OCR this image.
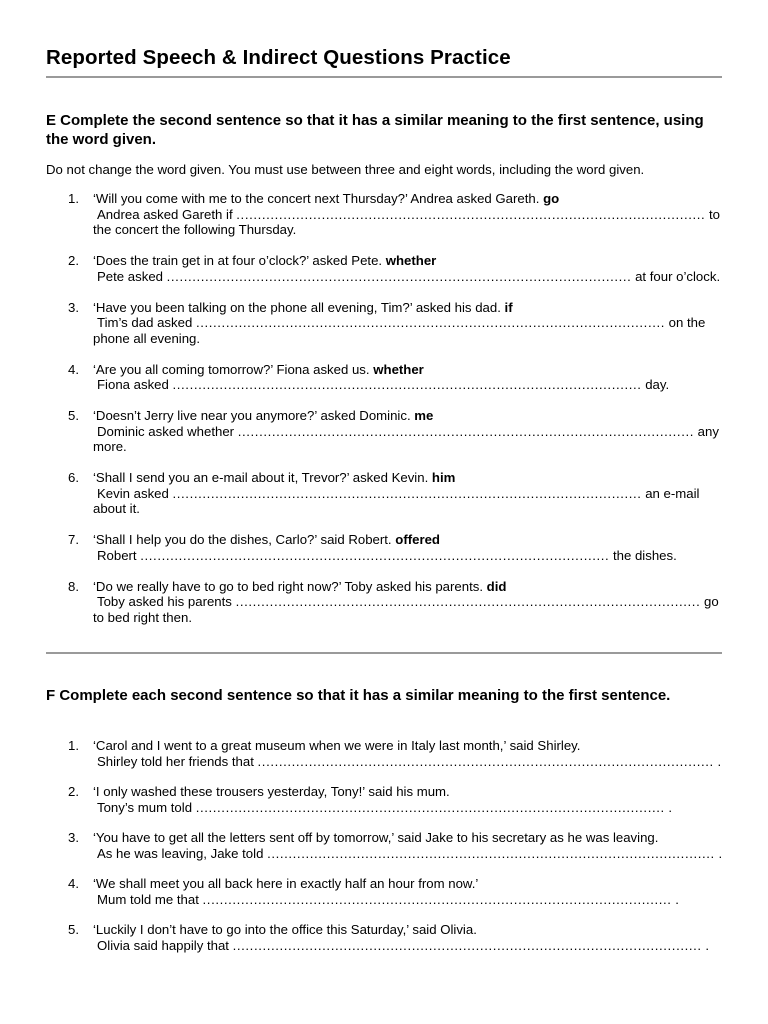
Reported Speech & Indirect Questions Practice
E Complete the second sentence so that it has a similar meaning to the first sentence, using the word given.
Do not change the word given. You must use between three and eight words, including the word given.
1. ‘Will you come with me to the concert next Thursday?’ Andrea asked Gareth. go
Andrea asked Gareth if .............................................................................................................. to
the concert the following Thursday.
2. ‘Does the train get in at four o’clock?’ asked Pete. whether
Pete asked ............................................................................................................. at four o’clock.
3. ‘Have you been talking on the phone all evening, Tim?’ asked his dad. if
Tim’s dad asked .............................................................................................................. on the
phone all evening.
4. ‘Are you all coming tomorrow?’ Fiona asked us. whether
Fiona asked .............................................................................................................. day.
5. ‘Doesn’t Jerry live near you anymore?’ asked Dominic. me
Dominic asked whether ........................................................................................................... any
more.
6. ‘Shall I send you an e-mail about it, Trevor?’ asked Kevin. him
Kevin asked .............................................................................................................. an e-mail
about it.
7. ‘Shall I help you do the dishes, Carlo?’ said Robert. offered
Robert .............................................................................................................. the dishes.
8. ‘Do we really have to go to bed right now?’ Toby asked his parents. did
Toby asked his parents ............................................................................................................. go
to bed right then.
F Complete each second sentence so that it has a similar meaning to the first sentence.
1. ‘Carol and I went to a great museum when we were in Italy last month,’ said Shirley.
Shirley told her friends that ........................................................................................................... .
2. ‘I only washed these trousers yesterday, Tony!’ said his mum.
Tony’s mum told .............................................................................................................. .
3. ‘You have to get all the letters sent off by tomorrow,’ said Jake to his secretary as he was leaving.
As he was leaving, Jake told ......................................................................................................... .
4. ‘We shall meet you all back here in exactly half an hour from now.’
Mum told me that .............................................................................................................. .
5. ‘Luckily I don’t have to go into the office this Saturday,’ said Olivia.
Olivia said happily that .............................................................................................................. .
